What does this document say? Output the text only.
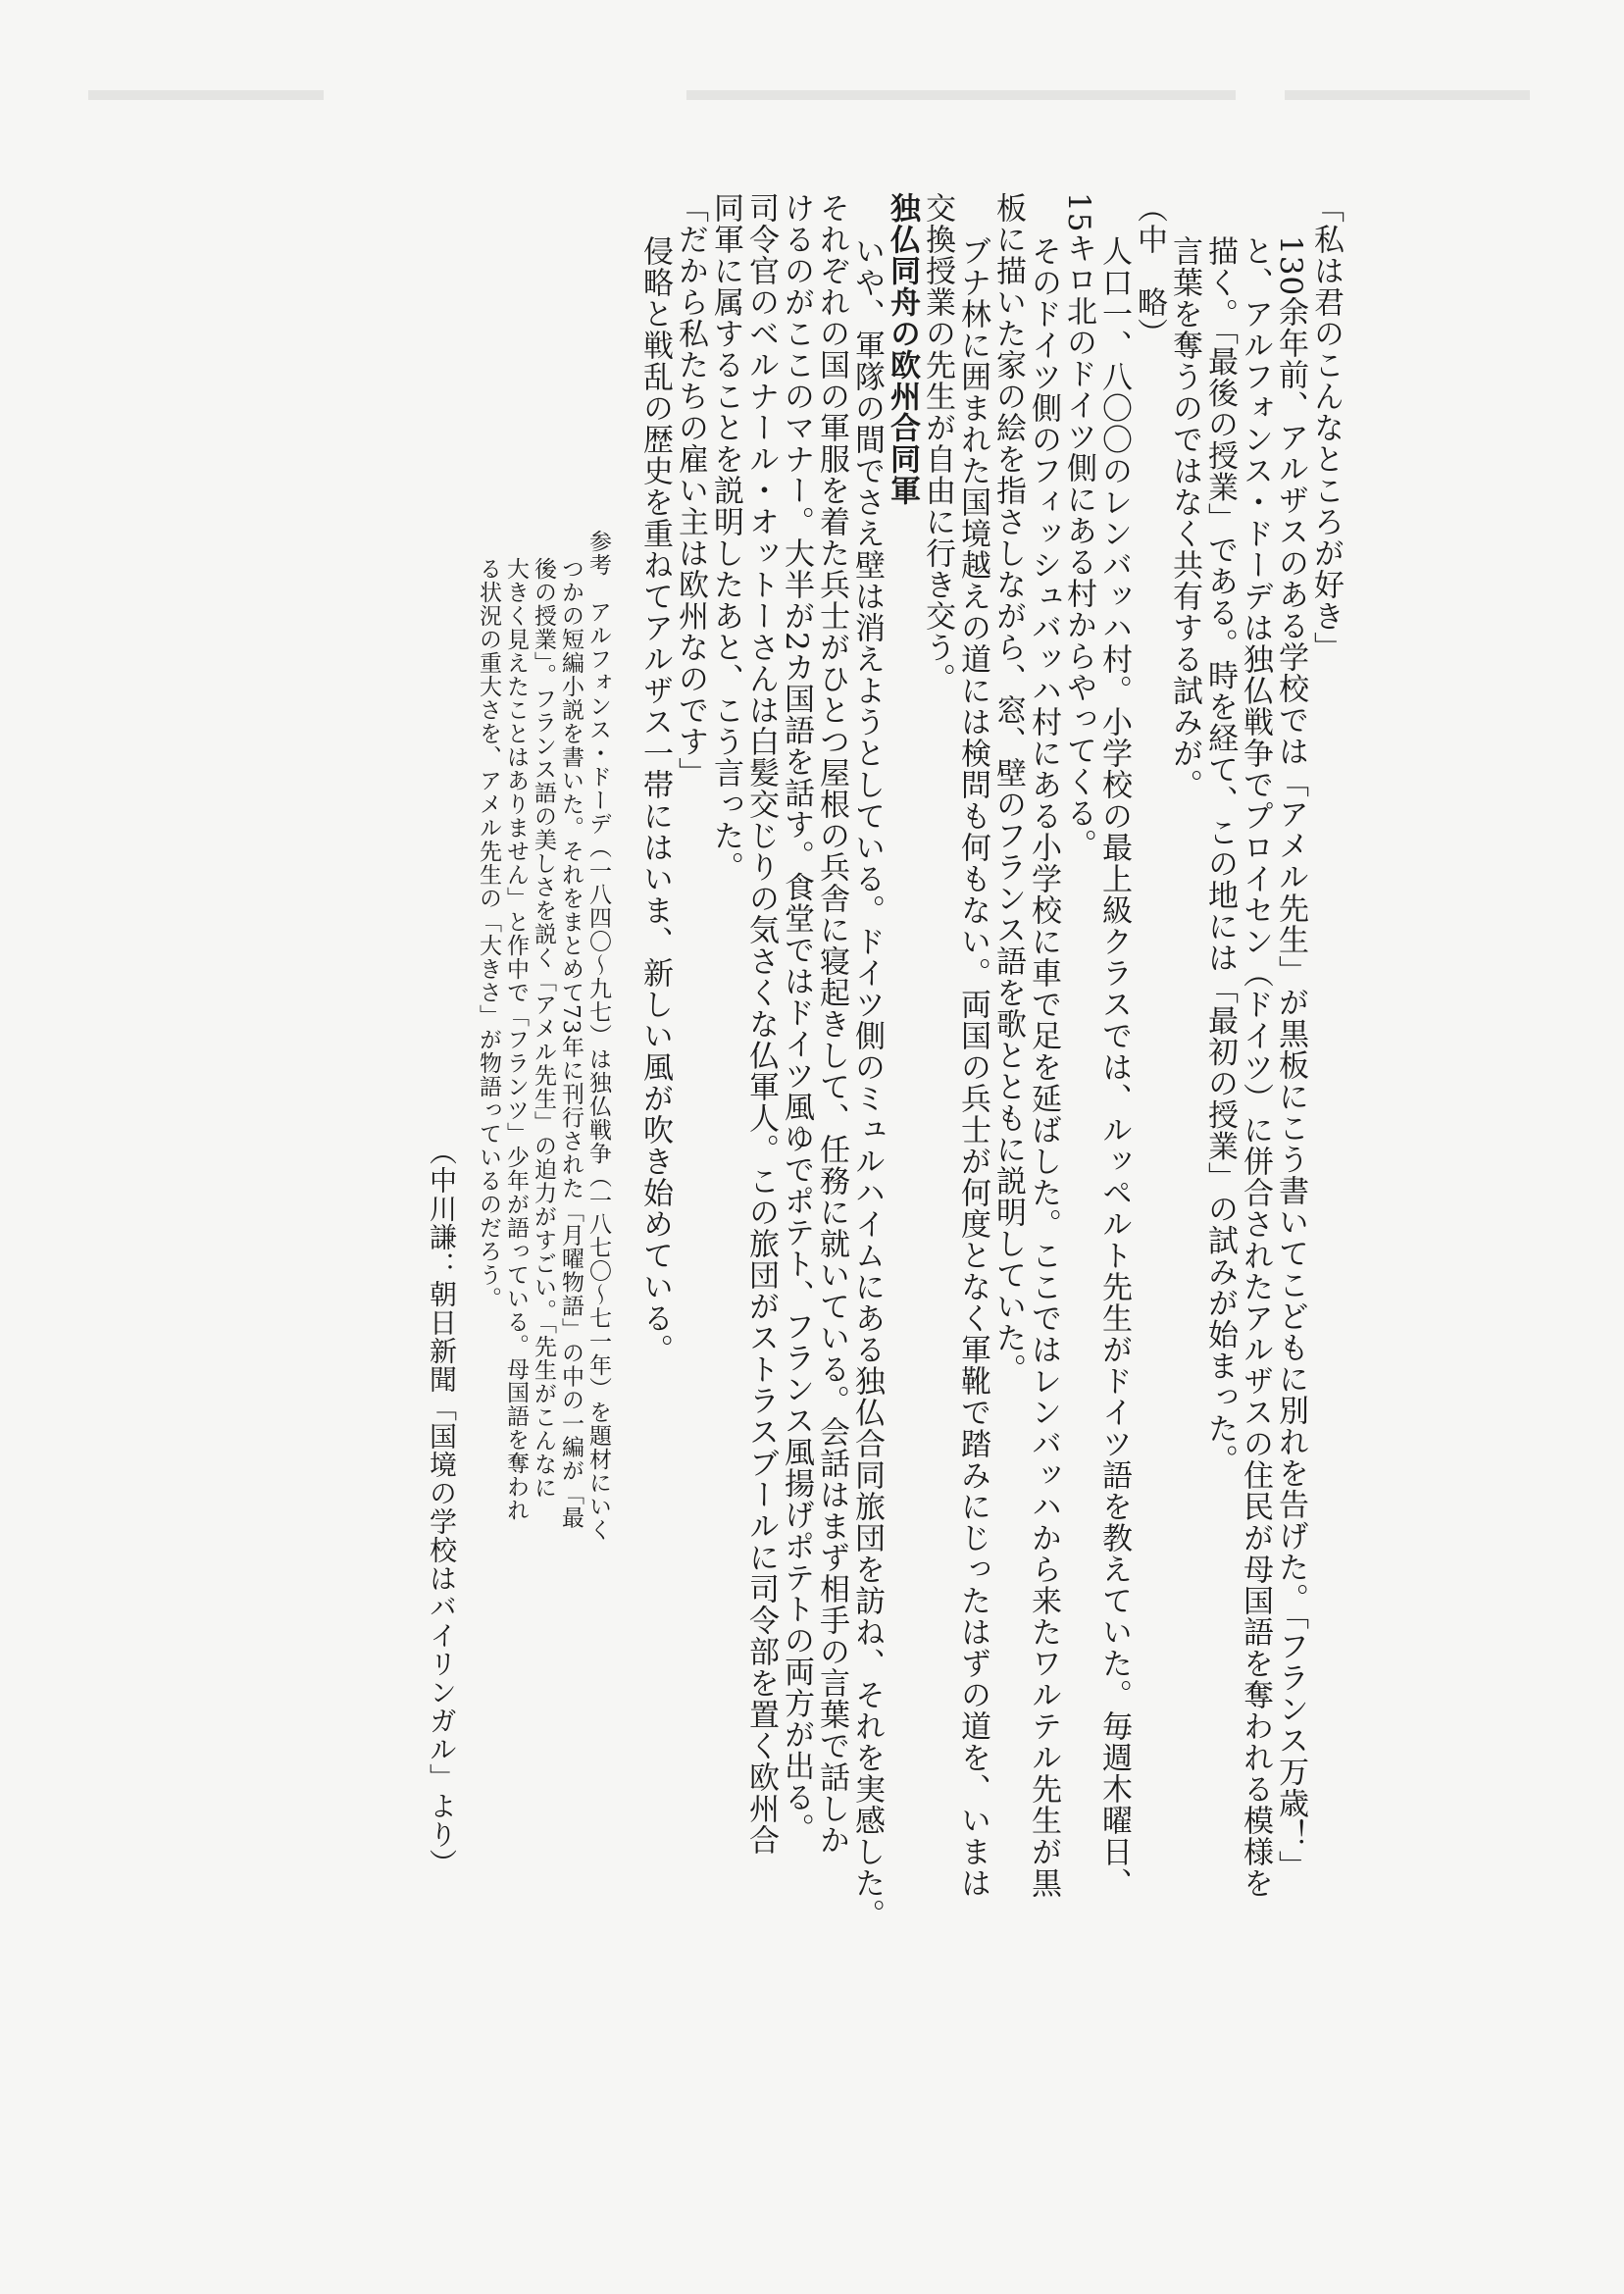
「私は君のこんなところが好き」
130余年前、アルザスのある学校では「アメル先生」が黒板にこう書いてこどもに別れを告げた。「フランス万歳！」
と、アルフォンス・ドーデは独仏戦争でプロイセン（ドイツ）に併合されたアルザスの住民が母国語を奪われる模様を
描く。「最後の授業」である。時を経て、この地には「最初の授業」の試みが始まった。
言葉を奪うのではなく共有する試みが。
（中　略）
人口一、八〇〇のレンバッハ村。小学校の最上級クラスでは、ルッペルト先生がドイツ語を教えていた。毎週木曜日、
15キロ北のドイツ側にある村からやってくる。
そのドイツ側のフィッシュバッハ村にある小学校に車で足を延ばした。ここではレンバッハから来たワルテル先生が黒
板に描いた家の絵を指さしながら、窓、壁のフランス語を歌とともに説明していた。
ブナ林に囲まれた国境越えの道には検問も何もない。両国の兵士が何度となく軍靴で踏みにじったはずの道を、いまは
交換授業の先生が自由に行き交う。
独仏同舟の欧州合同軍
いや、軍隊の間でさえ壁は消えようとしている。ドイツ側のミュルハイムにある独仏合同旅団を訪ね、それを実感した。
それぞれの国の軍服を着た兵士がひとつ屋根の兵舎に寝起きして、任務に就いている。会話はまず相手の言葉で話しか
けるのがここのマナー。大半が2カ国語を話す。食堂ではドイツ風ゆでポテト、フランス風揚げポテトの両方が出る。
司令官のベルナール・オットーさんは白髪交じりの気さくな仏軍人。この旅団がストラスブールに司令部を置く欧州合
同軍に属することを説明したあと、こう言った。
「だから私たちの雇い主は欧州なのです」
侵略と戦乱の歴史を重ねてアルザス一帯にはいま、新しい風が吹き始めている。
参考　アルフォンス・ドーデ（一八四〇〜九七）は独仏戦争（一八七〇〜七一年）を題材にいく
つかの短編小説を書いた。それをまとめて73年に刊行された「月曜物語」の中の一編が「最
後の授業」。フランス語の美しさを説く「アメル先生」の迫力がすごい。「先生がこんなに
大きく見えたことはありません」と作中で「フランツ」少年が語っている。母国語を奪われ
る状況の重大さを、アメル先生の「大きさ」が物語っているのだろう。
（中川謙：朝日新聞「国境の学校はバイリンガル」より）
